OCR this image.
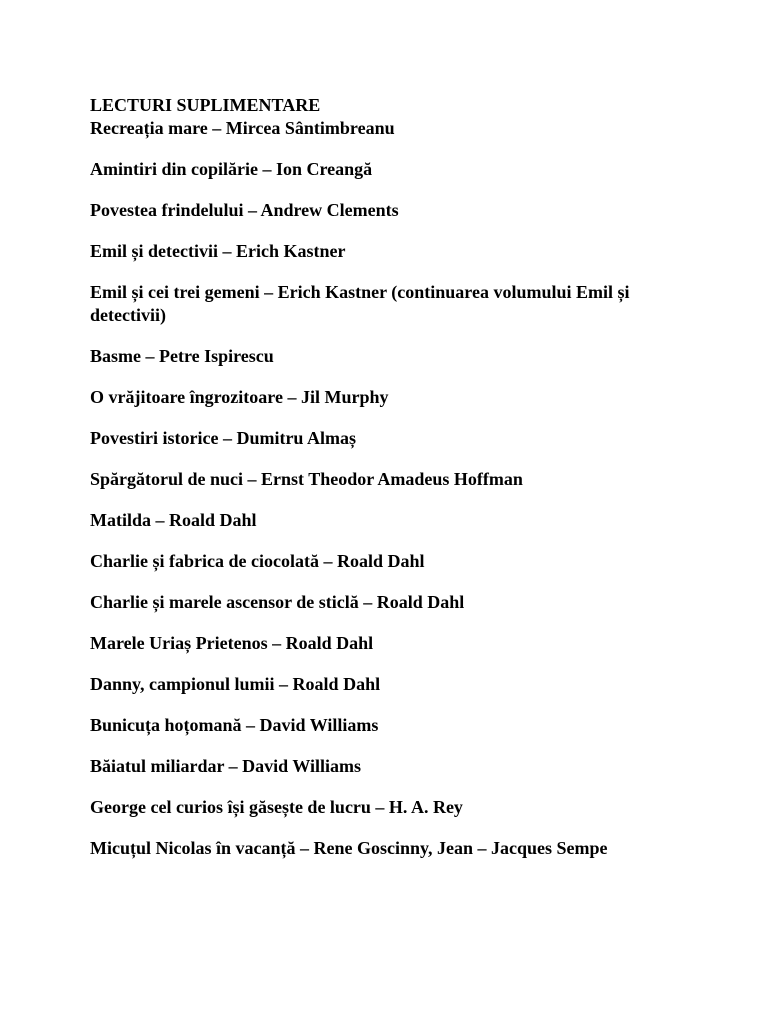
LECTURI SUPLIMENTARE
Recreația mare – Mircea Sântimbreanu
Amintiri din copilărie – Ion Creangă
Povestea frindelului – Andrew Clements
Emil și detectivii – Erich Kastner
Emil și cei trei gemeni – Erich Kastner (continuarea volumului Emil și detectivii)
Basme – Petre Ispirescu
O vrăjitoare îngrozitoare – Jil Murphy
Povestiri istorice – Dumitru Almaș
Spărgătorul de nuci – Ernst Theodor Amadeus Hoffman
Matilda – Roald Dahl
Charlie și fabrica de ciocolată – Roald Dahl
Charlie și marele ascensor de sticlă – Roald Dahl
Marele Uriaș Prietenos – Roald Dahl
Danny, campionul lumii – Roald Dahl
Bunicuța hoțomană – David Williams
Băiatul miliardar – David Williams
George cel curios își găsește de lucru – H. A. Rey
Micuțul Nicolas în vacanță – Rene Goscinny, Jean – Jacques Sempe
